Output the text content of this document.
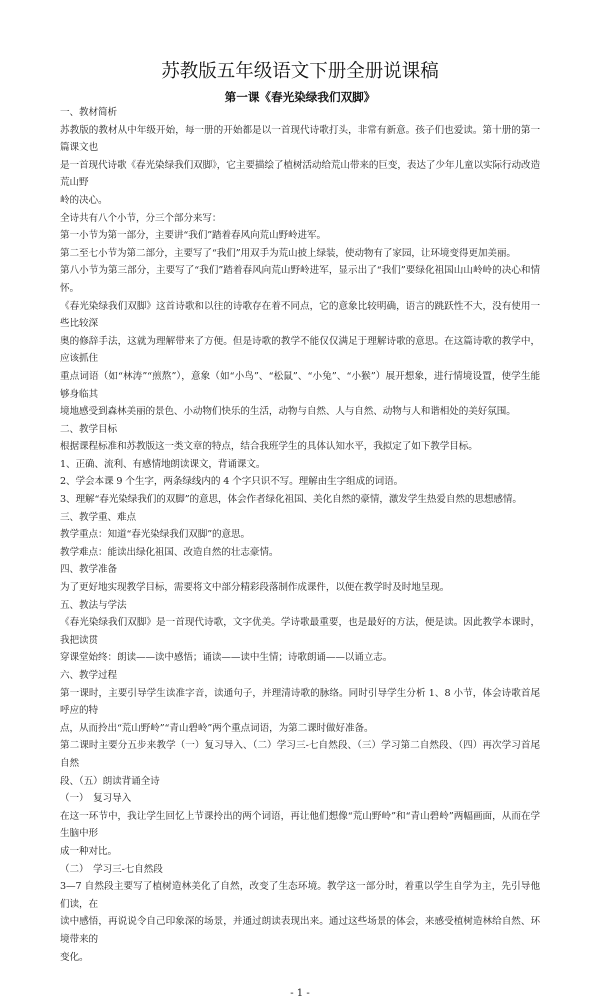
苏教版五年级语文下册全册说课稿
第一课《春光染绿我们双脚》
一、教材简析
苏教版的教材从中年级开始，每一册的开始都是以一首现代诗歌打头，非常有新意。孩子们也爱读。第十册的第一篇课文也
是一首现代诗歌《春光染绿我们双脚》，它主要描绘了植树活动给荒山带来的巨变，表达了少年儿童以实际行动改造荒山野
岭的决心。
全诗共有八个小节，分三个部分来写：
第一小节为第一部分，主要讲“我们”踏着春风向荒山野岭进军。
第二至七小节为第二部分，主要写了“我们”用双手为荒山披上绿装，使动物有了家园，让环境变得更加美丽。
第八小节为第三部分，主要写了“我们”踏着春风向荒山野岭进军，显示出了“我们”要绿化祖国山山岭岭的决心和情怀。
《春光染绿我们双脚》这首诗歌和以往的诗歌存在着不同点，它的意象比较明确，语言的跳跃性不大，没有使用一些比较深
奥的修辞手法，这就为理解带来了方便。但是诗歌的教学不能仅仅满足于理解诗歌的意思。在这篇诗歌的教学中，应该抓住
重点词语（如“林涛”“煎熬”），意象（如“小鸟”、“松鼠”、“小兔”、“小猴”）展开想象，进行情境设置，使学生能够身临其
境地感受到森林美丽的景色、小动物们快乐的生活，动物与自然、人与自然、动物与人和谐相处的美好氛围。
二、教学目标
根据课程标准和苏教版这一类文章的特点，结合我班学生的具体认知水平，我拟定了如下教学目标。
1、正确、流利、有感情地朗读课文，背诵课文。
2、学会本课 9 个生字，两条绿线内的 4 个字只识不写。理解由生字组成的词语。
3、理解“春光染绿我们的双脚”的意思，体会作者绿化祖国、美化自然的豪情，激发学生热爱自然的思想感情。
三、教学重、难点
教学重点：知道“春光染绿我们双脚”的意思。
教学难点：能读出绿化祖国、改造自然的壮志豪情。
四、教学准备
为了更好地实现教学目标，需要将文中部分精彩段落制作成课件，以便在教学时及时地呈现。
五、教法与学法
《春光染绿我们双脚》是一首现代诗歌，文字优美。学诗歌最重要，也是最好的方法，便是读。因此教学本课时，我把读贯
穿课堂始终：朗读——读中感悟；诵读——读中生情；诗歌朗诵——以诵立志。
六、教学过程
第一课时，主要引导学生读准字音，读通句子，并理清诗歌的脉络。同时引导学生分析 1、8 小节，体会诗歌首尾呼应的特
点，从而拎出“荒山野岭”“青山碧岭”两个重点词语，为第二课时做好准备。
第二课时主要分五步来教学（一）复习导入、（二）学习三-七自然段、（三）学习第二自然段、（四）再次学习首尾自然
段、（五）朗读背诵全诗
（一）　复习导入
在这一环节中，我让学生回忆上节课拎出的两个词语，再让他们想像“荒山野岭”和“青山碧岭”两幅画面，从而在学生脑中形
成一种对比。
（二）　学习三-七自然段
3—7 自然段主要写了植树造林美化了自然，改变了生态环境。教学这一部分时，着重以学生自学为主，先引导他们读，在
读中感悟，再说说令自己印象深的场景，并通过朗读表现出来。通过这些场景的体会，来感受植树造林给自然、环境带来的
变化。
- 1 -
